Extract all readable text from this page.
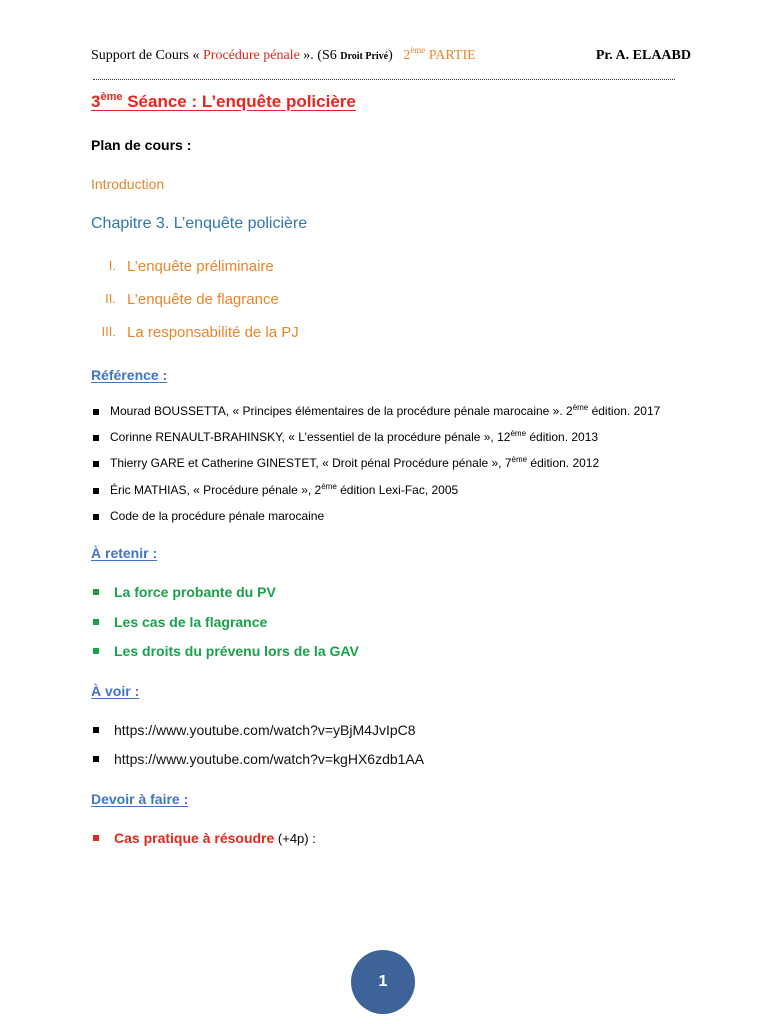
Support de Cours « Procédure pénale ». (S6 Droit Privé) 2ème PARTIE	Pr. A. ELAABD
3ème Séance : L’enquête policière
Plan de cours :
Introduction
Chapitre 3. L’enquête policière
I. L’enquête préliminaire
II. L’enquête de flagrance
III. La responsabilité de la PJ
Référence :
Mourad BOUSSETTA, « Principes élémentaires de la procédure pénale marocaine ». 2ème édition. 2017
Corinne RENAULT-BRAHINSKY, « L’essentiel de la procédure pénale », 12ème édition. 2013
Thierry GARE et Catherine GINESTET, « Droit pénal Procédure pénale », 7ème édition. 2012
Éric MATHIAS, « Procédure pénale », 2ème édition Lexi-Fac, 2005
Code de la procédure pénale marocaine
À retenir :
La force probante du PV
Les cas de la flagrance
Les droits du prévenu lors de la GAV
À voir :
https://www.youtube.com/watch?v=yBjM4JvIpC8
https://www.youtube.com/watch?v=kgHX6zdb1AA
Devoir à faire :
Cas pratique à résoudre (+4p) :
1
